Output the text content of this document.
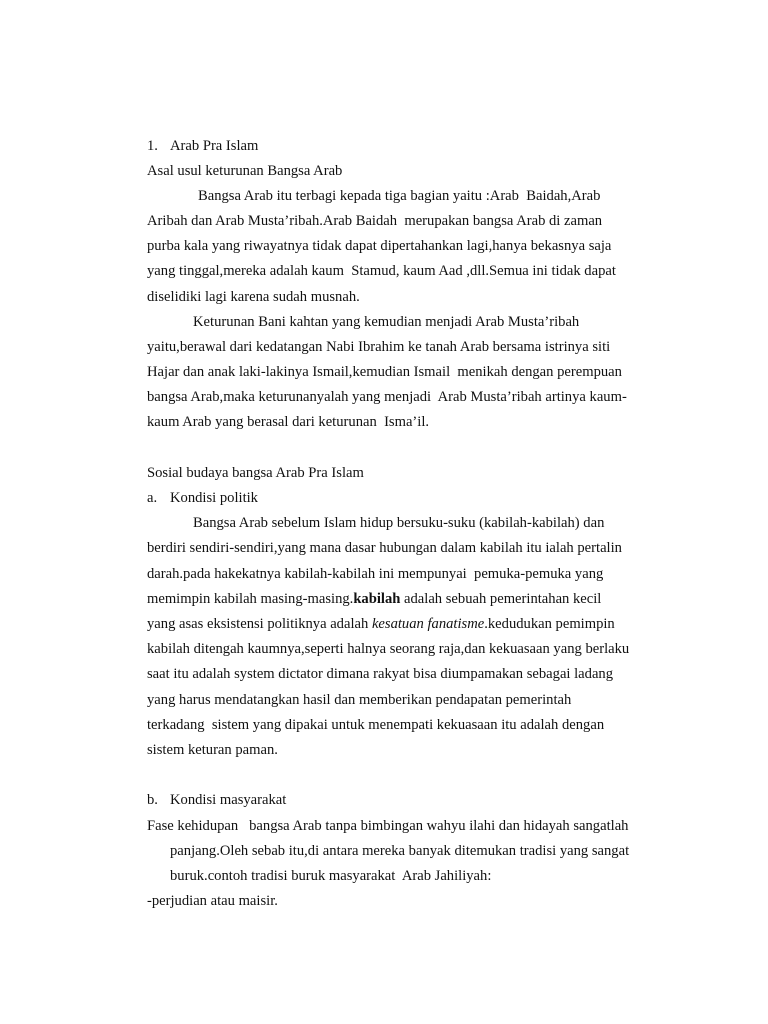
1. Arab Pra Islam
Asal usul keturunan Bangsa Arab
Bangsa Arab itu terbagi kepada tiga bagian yaitu :Arab  Baidah,Arab
Aribah dan Arab Musta’ribah.Arab Baidah  merupakan bangsa Arab di zaman
purba kala yang riwayatnya tidak dapat dipertahankan lagi,hanya bekasnya saja
yang tinggal,mereka adalah kaum  Stamud, kaum Aad ,dll.Semua ini tidak dapat
diselidiki lagi karena sudah musnah.
Keturunan Bani kahtan yang kemudian menjadi Arab Musta’ribah
yaitu,berawal dari kedatangan Nabi Ibrahim ke tanah Arab bersama istrinya siti
Hajar dan anak laki-lakinya Ismail,kemudian Ismail  menikah dengan perempuan
bangsa Arab,maka keturunanyalah yang menjadi  Arab Musta’ribah artinya kaum-
kaum Arab yang berasal dari keturunan  Isma’il.
Sosial budaya bangsa Arab Pra Islam
a. Kondisi politik
Bangsa Arab sebelum Islam hidup bersuku-suku (kabilah-kabilah) dan
berdiri sendiri-sendiri,yang mana dasar hubungan dalam kabilah itu ialah pertalin
darah.pada hakekatnya kabilah-kabilah ini mempunyai  pemuka-pemuka yang
memimpin kabilah masing-masing.kabilah adalah sebuah pemerintahan kecil
yang asas eksistensi politiknya adalah kesatuan fanatisme.kedudukan pemimpin
kabilah ditengah kaumnya,seperti halnya seorang raja,dan kekuasaan yang berlaku
saat itu adalah system dictator dimana rakyat bisa diumpamakan sebagai ladang
yang harus mendatangkan hasil dan memberikan pendapatan pemerintah
terkadang  sistem yang dipakai untuk menempati kekuasaan itu adalah dengan
sistem keturan paman.
b. Kondisi masyarakat
Fase kehidupan   bangsa Arab tanpa bimbingan wahyu ilahi dan hidayah sangatlah
panjang.Oleh sebab itu,di antara mereka banyak ditemukan tradisi yang sangat
buruk.contoh tradisi buruk masyarakat  Arab Jahiliyah:
-perjudian atau maisir.
